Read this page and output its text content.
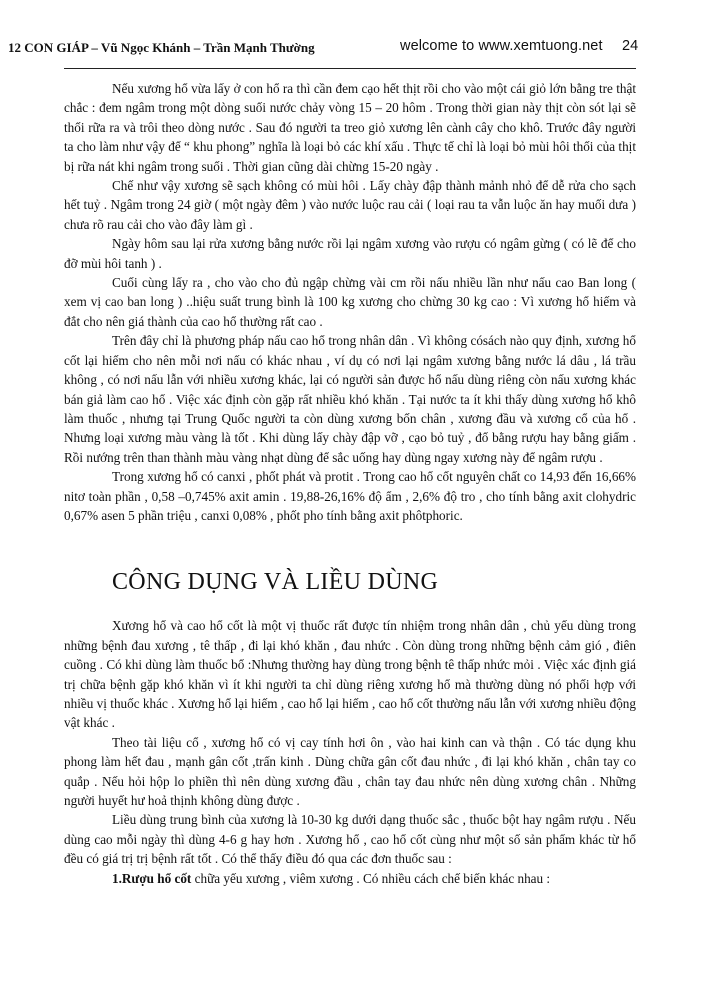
12 CON GIÁP – Vũ Ngọc Khánh – Trần Mạnh Thường	welcome to www.xemtuong.net 24

Nếu xương hổ vừa lấy ở con hổ ra thì cần đem cạo hết thịt rồi cho vào một cái giỏ lớn bằng tre thật chắc : đem ngâm trong một dòng suối nước chảy vòng 15 – 20 hôm . Trong thời gian này thịt còn sót lại sẽ thối rữa ra và trôi theo dòng nước . Sau đó người ta treo giỏ xương lên cành cây cho khô. Trước đây người ta cho làm như vậy để “ khu phong” nghĩa là loại bỏ các khí xấu . Thực tế chỉ là loại bỏ mùi hôi thối của thịt bị rữa nát khi ngâm trong suối . Thời gian cũng dài chừng 15-20 ngày .

Chế như vậy xương sẽ sạch không có mùi hôi . Lấy chày đập thành mảnh nhỏ để dễ rửa cho sạch hết tuỷ . Ngâm trong 24 giờ ( một ngày đêm ) vào nước luộc rau cải ( loại rau ta vẫn luộc ăn hay muối dưa ) chưa rõ rau cải cho vào đây làm gì .

Ngày hôm sau lại rửa xương bằng nước rồi lại ngâm xương vào rượu có ngâm gừng ( có lẽ để cho đỡ mùi hôi tanh ) .

Cuối cùng lấy ra , cho vào cho đủ ngập chừng vài cm rồi nấu nhiều lần như nấu cao Ban long ( xem vị cao ban long ) ..hiệu suất trung bình là 100 kg xương cho chừng 30 kg cao : Vì xương hổ hiếm và đắt cho nên giá thành của cao hổ thường rất cao .

Trên đây chỉ là phương pháp nấu cao hổ trong nhân dân . Vì không cósách nào quy định, xương hổ cốt lại hiếm cho nên mỗi nơi nấu có khác nhau , ví dụ có nơi lại ngâm xương bằng nước lá dâu , lá trầu không , có nơi nấu lẫn với nhiều xương khác, lại có người sản được hổ nấu dùng riêng còn nấu xương khác bán giả làm cao hổ . Việc xác định còn gặp rất nhiều khó khăn . Tại nước ta ít khi thấy dùng xương hổ khô làm thuốc , nhưng tại Trung Quốc người ta còn dùng xương bốn chân , xương đầu và xương cổ của hổ . Nhưng loại xương màu vàng là tốt . Khi dùng lấy chày đập vỡ , cạo bỏ tuỷ , đổ bằng rượu hay bằng giấm . Rồi nướng trên than thành màu vàng nhạt dùng để sắc uống hay dùng ngay xương này để ngâm rượu .

Trong xương hổ có canxi , phốt phát và protit . Trong cao hổ cốt nguyên chất co 14,93 đến 16,66% nitơ toàn phần , 0,58 –0,745% axit amin . 19,88-26,16% độ ẩm , 2,6% độ tro , cho tính bằng axit clohydric 0,67% asen 5 phần triệu , canxi 0,08% , phốt pho tính bằng axit phôtphoric.

CÔNG DỤNG VÀ LIỀU DÙNG

Xương hổ và cao hổ cốt là một vị thuốc rất được tín nhiệm trong nhân dân , chủ yếu dùng trong những bệnh đau xương , tê thấp , đi lại khó khăn , đau nhức . Còn dùng trong những bệnh cảm gió , điên cuồng . Có khi dùng làm thuốc bổ :Nhưng thường hay dùng trong bệnh tê thấp nhức mỏi . Việc xác định giá trị chữa bệnh gặp khó khăn vì ít khi người ta chỉ dùng riêng xương hổ mà thường dùng nó phối hợp với nhiều vị thuốc khác . Xương hổ lại hiếm , cao hổ lại hiếm , cao hổ cốt thường nấu lẫn với xương nhiều động vật khác .

Theo tài liệu cổ , xương hổ có vị cay tính hơi ôn , vào hai kinh can và thận . Có tác dụng khu phong làm hết đau , mạnh gân cốt ,trấn kinh . Dùng chữa gân cốt đau nhức , đi lại khó khăn , chân tay co quắp . Nếu hỏi hộp lo phiền thì nên dùng xương đầu , chân tay đau nhức nên dùng xương chân . Những người huyết hư hoả thịnh không dùng được .

Liều dùng trung bình của xương là 10-30 kg dưới dạng thuốc sắc , thuốc bột hay ngâm rượu . Nếu dùng cao mỗi ngày thì dùng 4-6 g hay hơn . Xương hổ , cao hổ cốt cùng như một số sản phẩm khác từ hổ đều có giá trị trị bệnh rất tốt . Có thể thấy điều đó qua các đơn thuốc sau :

1.Rượu hổ cốt chữa yếu xương , viêm xương . Có nhiều cách chế biến khác nhau :
